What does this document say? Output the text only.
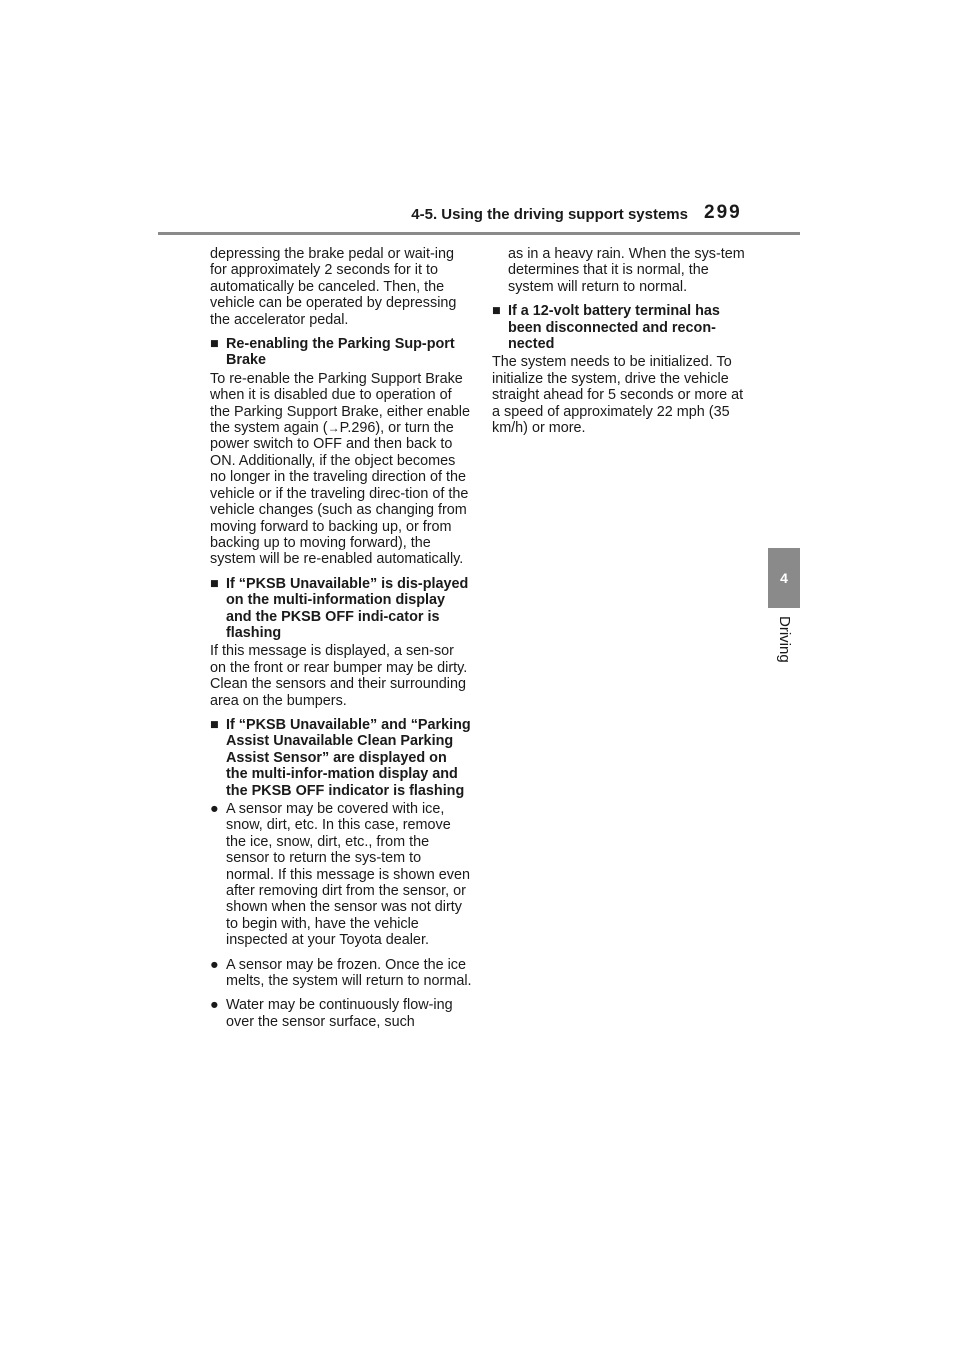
4-5. Using the driving support systems 299
4
Driving

depressing the brake pedal or wait-ing for approximately 2 seconds for it to automatically be canceled. Then, the vehicle can be operated by depressing the accelerator pedal.

■ Re-enabling the Parking Sup-port Brake

To re-enable the Parking Support Brake when it is disabled due to operation of the Parking Support Brake, either enable the system again (→P.296), or turn the power switch to OFF and then back to ON. Additionally, if the object becomes no longer in the traveling direction of the vehicle or if the traveling direc-tion of the vehicle changes (such as changing from moving forward to backing up, or from backing up to moving forward), the system will be re-enabled automatically.

■ If “PKSB Unavailable” is dis-played on the multi-information display and the PKSB OFF indi-cator is flashing

If this message is displayed, a sen-sor on the front or rear bumper may be dirty. Clean the sensors and their surrounding area on the bumpers.

■ If “PKSB Unavailable” and “Parking Assist Unavailable Clean Parking Assist Sensor” are displayed on the multi-infor-mation display and the PKSB OFF indicator is flashing
● A sensor may be covered with ice, snow, dirt, etc. In this case, remove the ice, snow, dirt, etc., from the sensor to return the sys-tem to normal. If this message is shown even after removing dirt from the sensor, or shown when the sensor was not dirty to begin with, have the vehicle inspected at your Toyota dealer.
● A sensor may be frozen. Once the ice melts, the system will return to normal.
● Water may be continuously flow-ing over the sensor surface, such

as in a heavy rain. When the sys-tem determines that it is normal, the system will return to normal.

■ If a 12-volt battery terminal has been disconnected and recon-nected

The system needs to be initialized. To initialize the system, drive the vehicle straight ahead for 5 seconds or more at a speed of approximately 22 mph (35 km/h) or more.
